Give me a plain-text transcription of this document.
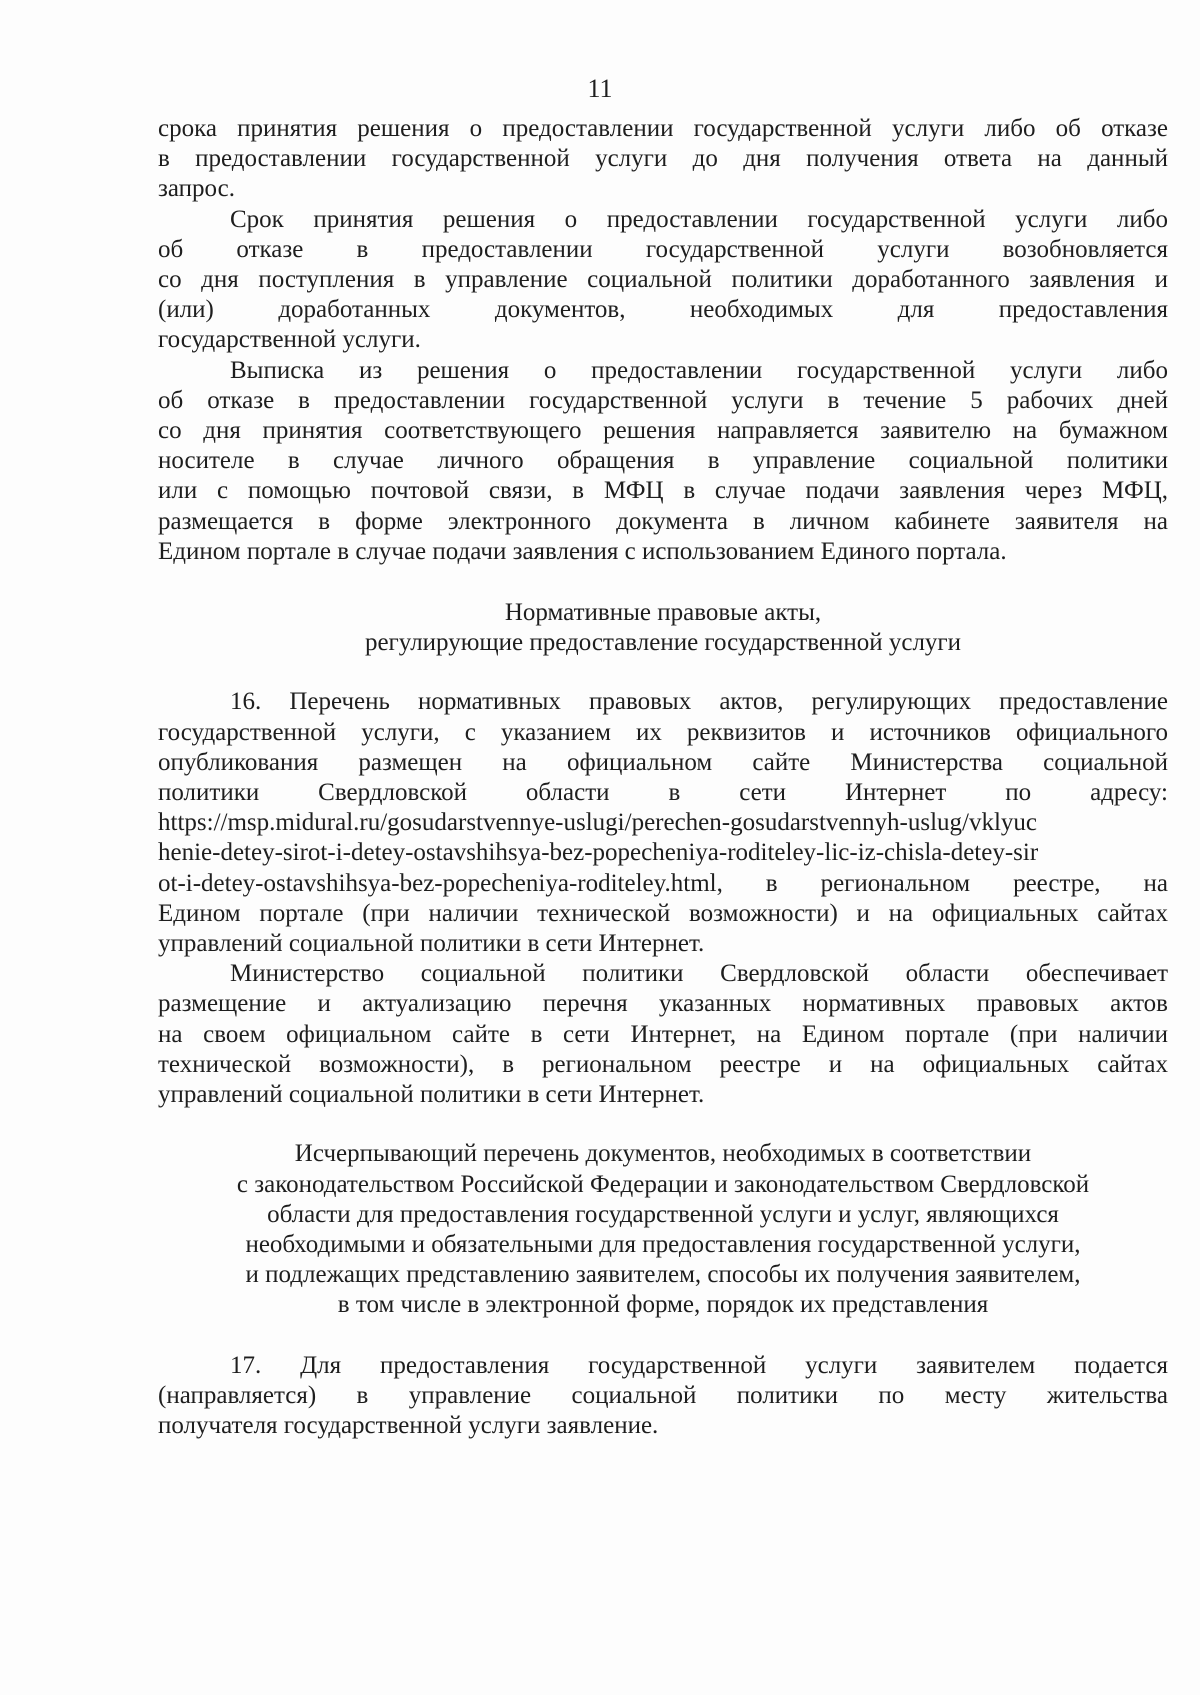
11
срока принятия решения о предоставлении государственной услуги либо об отказе
в предоставлении государственной услуги до дня получения ответа на данный
запрос.
Срок принятия решения о предоставлении государственной услуги либо
об отказе в предоставлении государственной услуги возобновляется
со дня поступления в управление социальной политики доработанного заявления и
(или) доработанных документов, необходимых для предоставления
государственной услуги.
Выписка из решения о предоставлении государственной услуги либо
об отказе в предоставлении государственной услуги в течение 5 рабочих дней
со дня принятия соответствующего решения направляется заявителю на бумажном
носителе в случае личного обращения в управление социальной политики
или с помощью почтовой связи, в МФЦ в случае подачи заявления через МФЦ,
размещается в форме электронного документа в личном кабинете заявителя на
Едином портале в случае подачи заявления с использованием Единого портала.
Нормативные правовые акты,
регулирующие предоставление государственной услуги
16. Перечень нормативных правовых актов, регулирующих предоставление
государственной услуги, с указанием их реквизитов и источников официального
опубликования размещен на официальном сайте Министерства социальной
политики Свердловской области в сети Интернет по адресу:
https://msp.midural.ru/gosudarstvennye-uslugi/perechen-gosudarstvennyh-uslug/vklyuc
henie-detey-sirot-i-detey-ostavshihsya-bez-popecheniya-roditeley-lic-iz-chisla-detey-sir
ot-i-detey-ostavshihsya-bez-popecheniya-roditeley.html, в региональном реестре, на
Едином портале (при наличии технической возможности) и на официальных сайтах
управлений социальной политики в сети Интернет.
Министерство социальной политики Свердловской области обеспечивает
размещение и актуализацию перечня указанных нормативных правовых актов
на своем официальном сайте в сети Интернет, на Едином портале (при наличии
технической возможности), в региональном реестре и на официальных сайтах
управлений социальной политики в сети Интернет.
Исчерпывающий перечень документов, необходимых в соответствии
с законодательством Российской Федерации и законодательством Свердловской
области для предоставления государственной услуги и услуг, являющихся
необходимыми и обязательными для предоставления государственной услуги,
и подлежащих представлению заявителем, способы их получения заявителем,
в том числе в электронной форме, порядок их представления
17. Для предоставления государственной услуги заявителем подается
(направляется) в управление социальной политики по месту жительства
получателя государственной услуги заявление.
